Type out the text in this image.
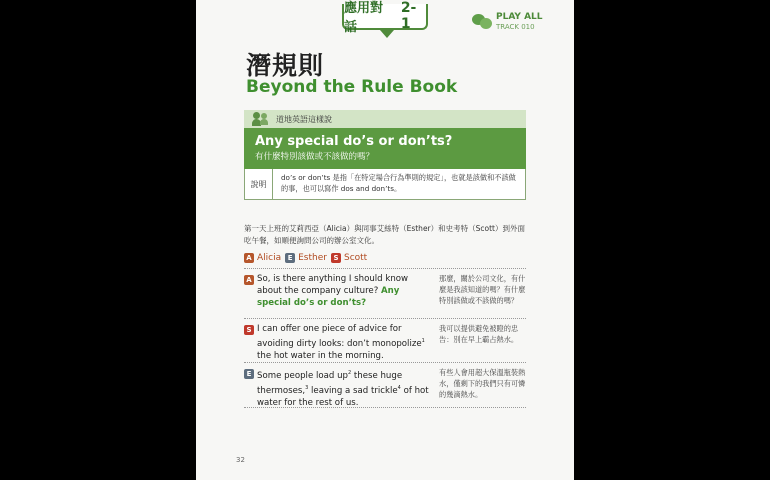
應用對話
2-1	PLAY ALL
TRACK 010
潛規則
Beyond the Rule Book
道地英語這樣說
Any special do’s or don’ts?
有什麼特別該做或不該做的嗎？
說明
do’s or don’ts 是指「在特定場合行為準則的規定」，也就是該做和不該做的事，也可以寫作 dos and don’ts。
第一天上班的艾莉西亞（Alicia）與同事艾絲特（Esther）和史考特（Scott）到外面吃午餐，如順便詢問公司的辦公室文化。
A Alicia E Esther S Scott
A So, is there anything I should know about the company culture? Any special do’s or don’ts?
那麼，關於公司文化，有什麼是我該知道的嗎？有什麼特別該做或不該做的嗎？
S I can offer one piece of advice for avoiding dirty looks: don’t monopolize$^1$ the hot water in the morning.
我可以提供避免被瞪的忠告：別在早上霸占熱水。
E Some people load $up^2$ these huge thermoses,$^3$ leaving a sad trickle$^4$ of hot water for the rest of us.
有些人會用超大保溫瓶裝熱水，僅剩下的我們只有可憐的幾滴熱水。
32
